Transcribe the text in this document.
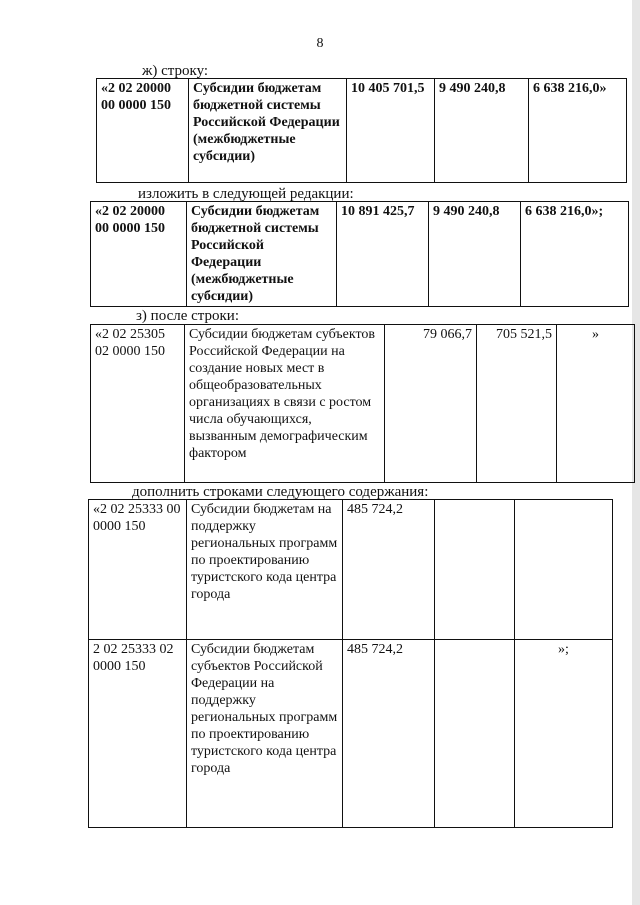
8
ж) строку:
«2 02 20000 00 0000 150	Субсидии бюджетам бюджетной системы Российской Федерации (межбюджетные субсидии)	10 405 701,5	9 490 240,8	6 638 216,0»
изложить в следующей редакции:
«2 02 20000 00 0000 150	Субсидии бюджетам бюджетной системы Российской Федерации (межбюджетные субсидии)	10 891 425,7	9 490 240,8	6 638 216,0»;
з) после строки:
«2 02 25305 02 0000 150	Субсидии бюджетам субъектов Российской Федерации на создание новых мест в общеобразовательных организациях в связи с ростом числа обучающихся, вызванным демографическим фактором	79 066,7	705 521,5	»
дополнить строками следующего содержания:
«2 02 25333 00 0000 150	Субсидии бюджетам на поддержку региональных программ по проектированию туристского кода центра города	485 724,2		
2 02 25333 02 0000 150	Субсидии бюджетам субъектов Российской Федерации на поддержку региональных программ по проектированию туристского кода центра города	485 724,2		»;
